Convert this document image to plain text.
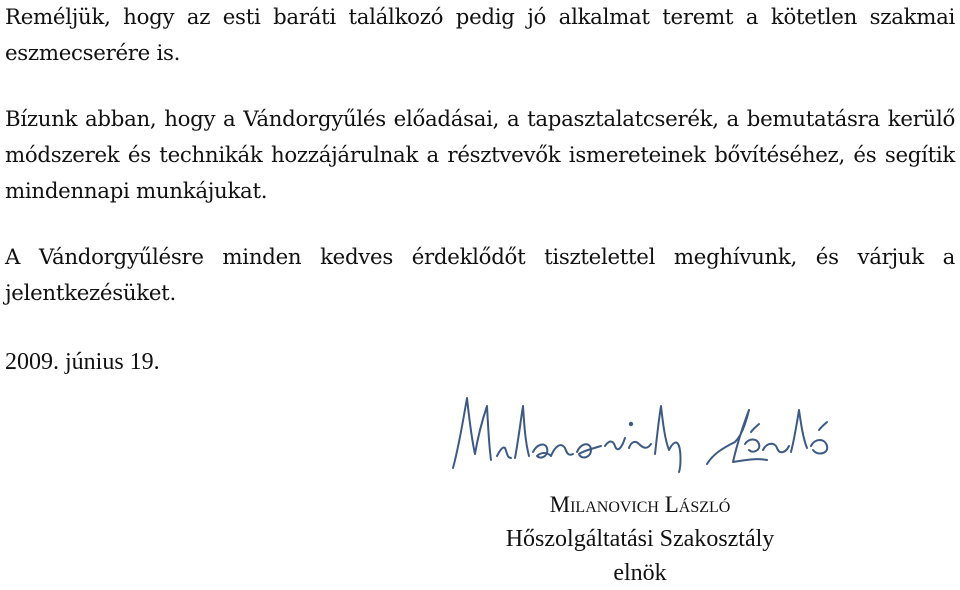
Reméljük, hogy az esti baráti találkozó pedig jó alkalmat teremt a kötetlen szakmai eszmecserére is.

Bízunk abban, hogy a Vándorgyűlés előadásai, a tapasztalatcserék, a bemutatásra kerülő módszerek és technikák hozzájárulnak a résztvevők ismereteinek bővítéséhez, és segítik mindennapi munkájukat.

A Vándorgyűlésre minden kedves érdeklődőt tisztelettel meghívunk, és várjuk a jelentkezésüket.

2009. június 19.

Milanovich László
Hőszolgáltatási Szakosztály
elnök
